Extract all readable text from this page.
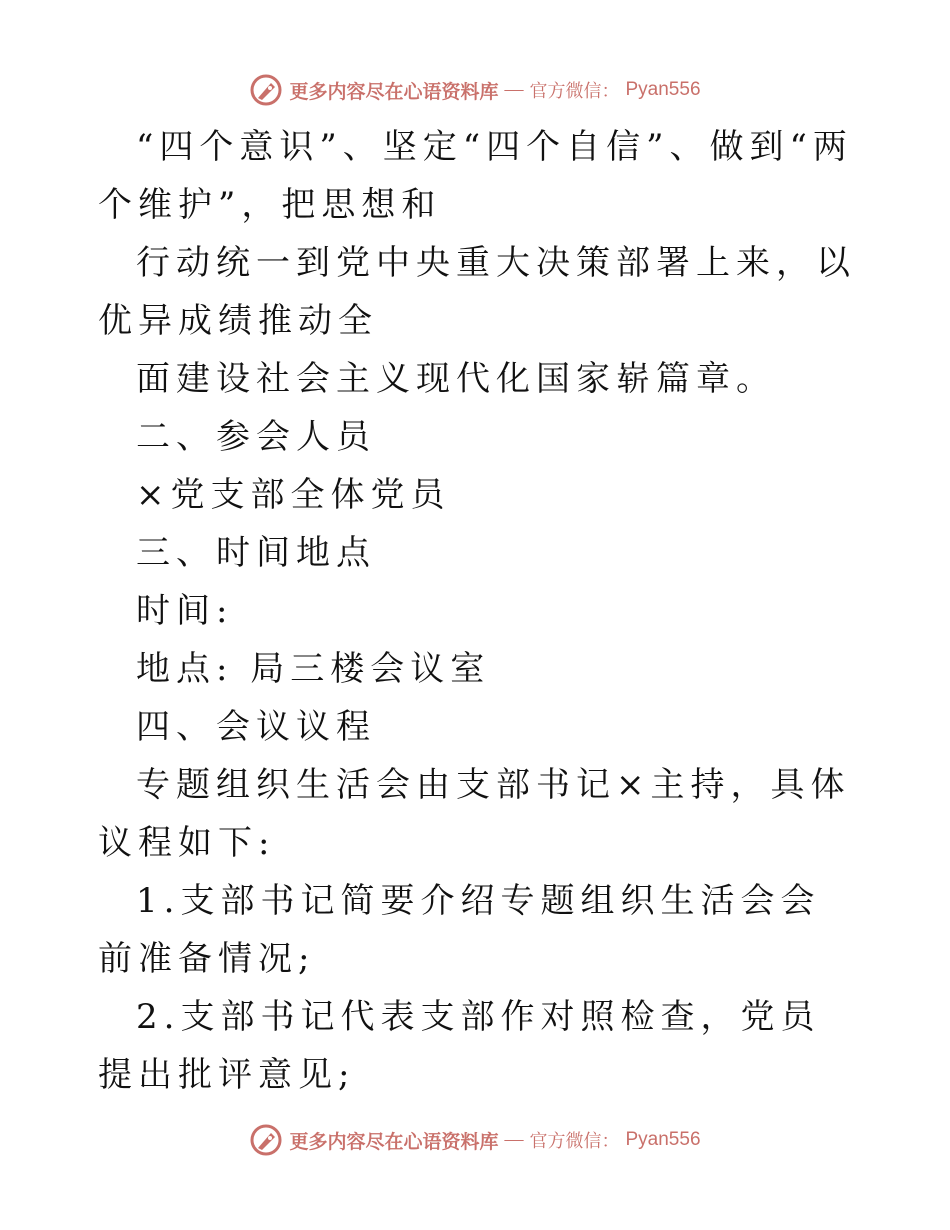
更多内容尽在心语资料库 — 官方微信： Pyan556

“四个意识”、坚定“四个自信”、做到“两个维护”，把思想和

行动统一到党中央重大决策部署上来，以优异成绩推动全

面建设社会主义现代化国家崭篇章。

二、参会人员

×党支部全体党员

三、时间地点

时间:

地点: 局三楼会议室

四、会议议程

专题组织生活会由支部书记×主持，具体议程如下:

1.支部书记简要介绍专题组织生活会会前准备情况;

2.支部书记代表支部作对照检查，党员提出批评意见;

更多内容尽在心语资料库 — 官方微信： Pyan556
